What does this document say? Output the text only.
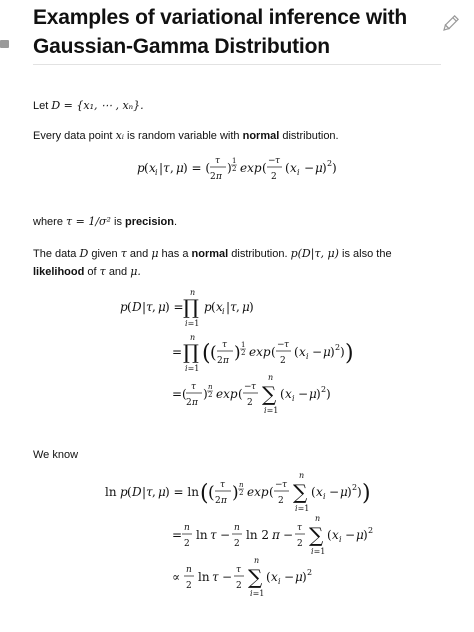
Examples of variational inference with Gaussian-Gamma Distribution
Let D = {x₁, ⋯ , xₙ}.
Every data point xᵢ is random variable with normal distribution.
p ( x i | τ , μ ) = ( τ
2 π
) 1
2 exp ( − τ
2
( x i − μ ) 2 )
where τ = 1/σ² is precision.
The data D given τ and μ has a normal distribution. p(D|τ, μ) is also the likelihood of τ and μ.
p ( D | τ , μ ) =
n
∏
i=1
p ( x i | τ , μ )
=
n
∏
i=1
( ( τ
2 π ) 1
2 exp ( − τ
2
( x i − μ ) 2 ) )
=( τ
2 π
) n
2 exp ( − τ
2
n
∑
i=1
( x i − μ ) 2 )
We know
ln p ( D | τ , μ ) = ln ( ( τ
2 π ) n
2 exp ( − τ
2
n
∑
i=1
( x i − μ ) 2 ) )
= n
2
ln τ − n
2
ln 2 π − τ
2
n
∑
i=1
( x i − μ ) 2
∝ n
2
ln τ − τ
2
n
∑
i=1
( x i − μ ) 2
